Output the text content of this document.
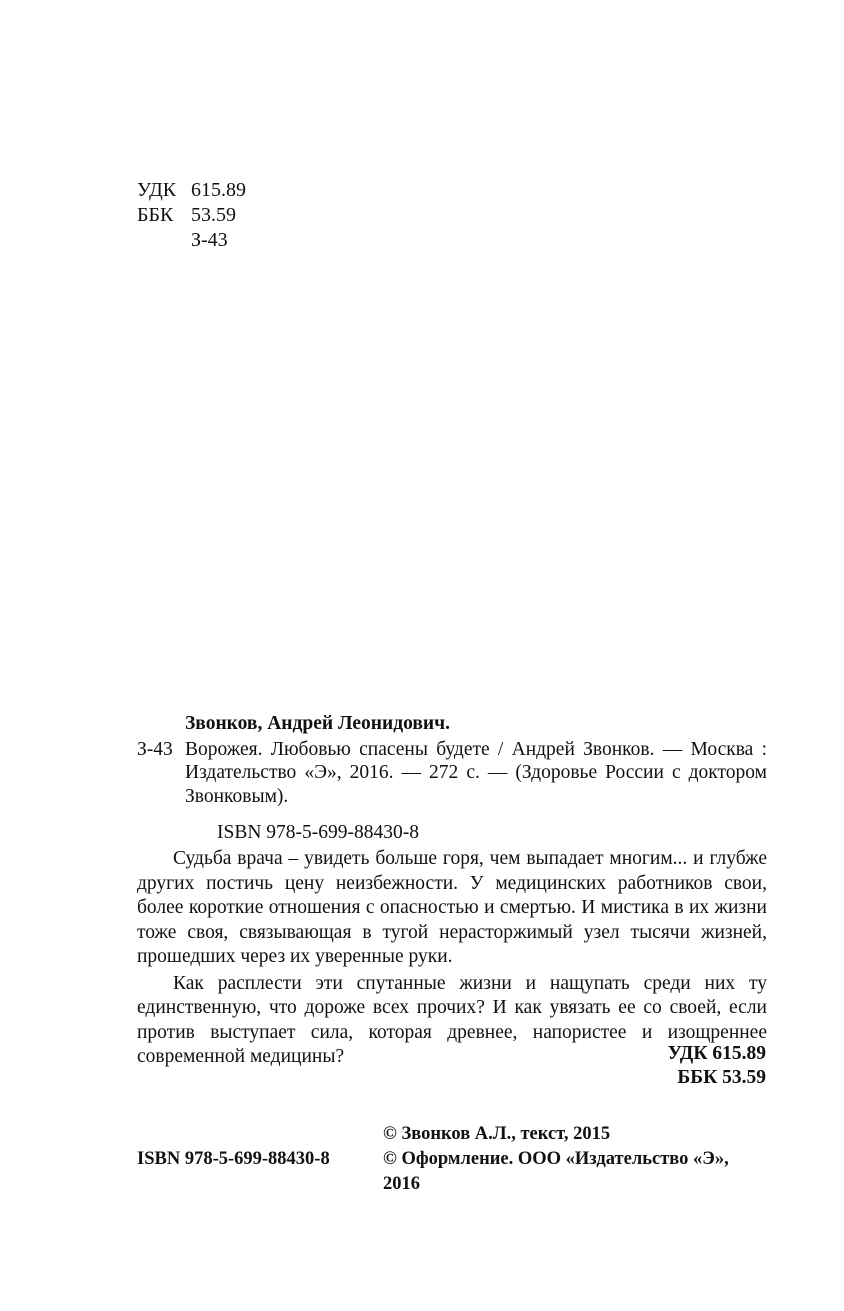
УДК 615.89
ББК 53.59
З-43
Звонков, Андрей Леонидович.
З-43 Ворожея. Любовью спасены будете / Андрей Звонков. — Москва : Издательство «Э», 2016. — 272 с. — (Здоровье России с доктором Звонковым).
ISBN 978-5-699-88430-8

Судьба врача – увидеть больше горя, чем выпадает многим... и глубже других постичь цену неизбежности. У медицинских работников свои, более короткие отношения с опасностью и смертью. И мистика в их жизни тоже своя, связывающая в тугой нерасторжимый узел тысячи жизней, прошедших через их уверенные руки.

Как расплести эти спутанные жизни и нащупать среди них ту единственную, что дороже всех прочих? И как увязать ее со своей, если против выступает сила, которая древнее, напористее и изощреннее современной медицины?	УДК 615.89
ББК 53.59
© Звонков А.Л., текст, 2015
ISBN 978-5-699-88430-8	© Оформление. ООО «Издательство «Э», 2016
